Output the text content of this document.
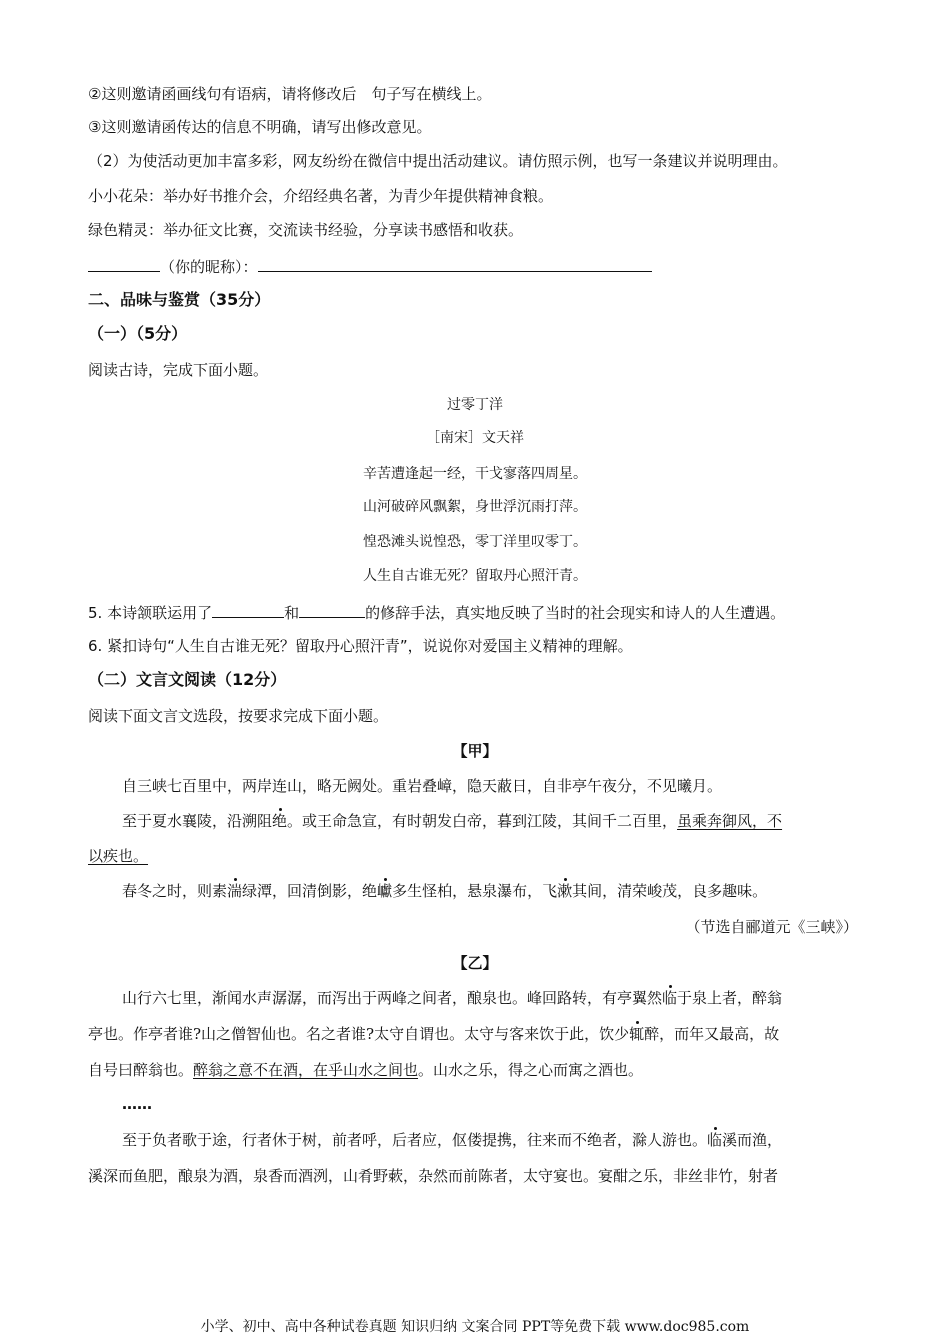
②这则邀请函画线句有语病，请将修改后　句子写在横线上。
③这则邀请函传达的信息不明确，请写出修改意见。
（2）为使活动更加丰富多彩，网友纷纷在微信中提出活动建议。请仿照示例，也写一条建议并说明理由。
小小花朵：举办好书推介会，介绍经典名著，为青少年提供精神食粮。
绿色精灵：举办征文比赛，交流读书经验，分享读书感悟和收获。
（你的昵称）：
二、品味与鉴赏（35分）
（一）（5分）
阅读古诗，完成下面小题。
过零丁洋
［南宋］文天祥
辛苦遭逢起一经，干戈寥落四周星。
山河破碎风飘絮，身世浮沉雨打萍。
惶恐滩头说惶恐，零丁洋里叹零丁。
人生自古谁无死？留取丹心照汗青。
5. 本诗颔联运用了	和	的修辞手法，真实地反映了当时的社会现实和诗人的人生遭遇。
6. 紧扣诗句“人生自古谁无死？留取丹心照汗青”，说说你对爱国主义精神的理解。
（二）文言文阅读（12分）
阅读下面文言文选段，按要求完成下面小题。
【甲】
自三峡七百里中，两岸连山，略无阙处。重岩叠嶂，隐天蔽日，自非亭午夜分，不见曦月。
至于夏水襄陵，沿溯阻绝。或王命急宣，有时朝发白帝，暮到江陵，其间千二百里，虽乘奔御风，不
以疾也。
春冬之时，则素湍绿潭，回清倒影，绝巘多生怪柏，悬泉瀑布，飞漱其间，清荣峻茂，良多趣味。
（节选自郦道元《三峡》）
【乙】
山行六七里，渐闻水声潺潺，而泻出于两峰之间者，酿泉也。峰回路转，有亭翼然临于泉上者，醉翁
亭也。作亭者谁?山之僧智仙也。名之者谁?太守自谓也。太守与客来饮于此，饮少辄醉，而年又最高，故
自号曰醉翁也。醉翁之意不在酒，在乎山水之间也。山水之乐，得之心而寓之酒也。
……
至于负者歌于途，行者休于树，前者呼，后者应，伛偻提携，往来而不绝者，滁人游也。临溪而渔，
溪深而鱼肥，酿泉为酒，泉香而酒洌，山肴野蔌，杂然而前陈者，太守宴也。宴酣之乐，非丝非竹，射者
小学、初中、高中各种试卷真题 知识归纳 文案合同 PPT等免费下载 www.doc985.com
